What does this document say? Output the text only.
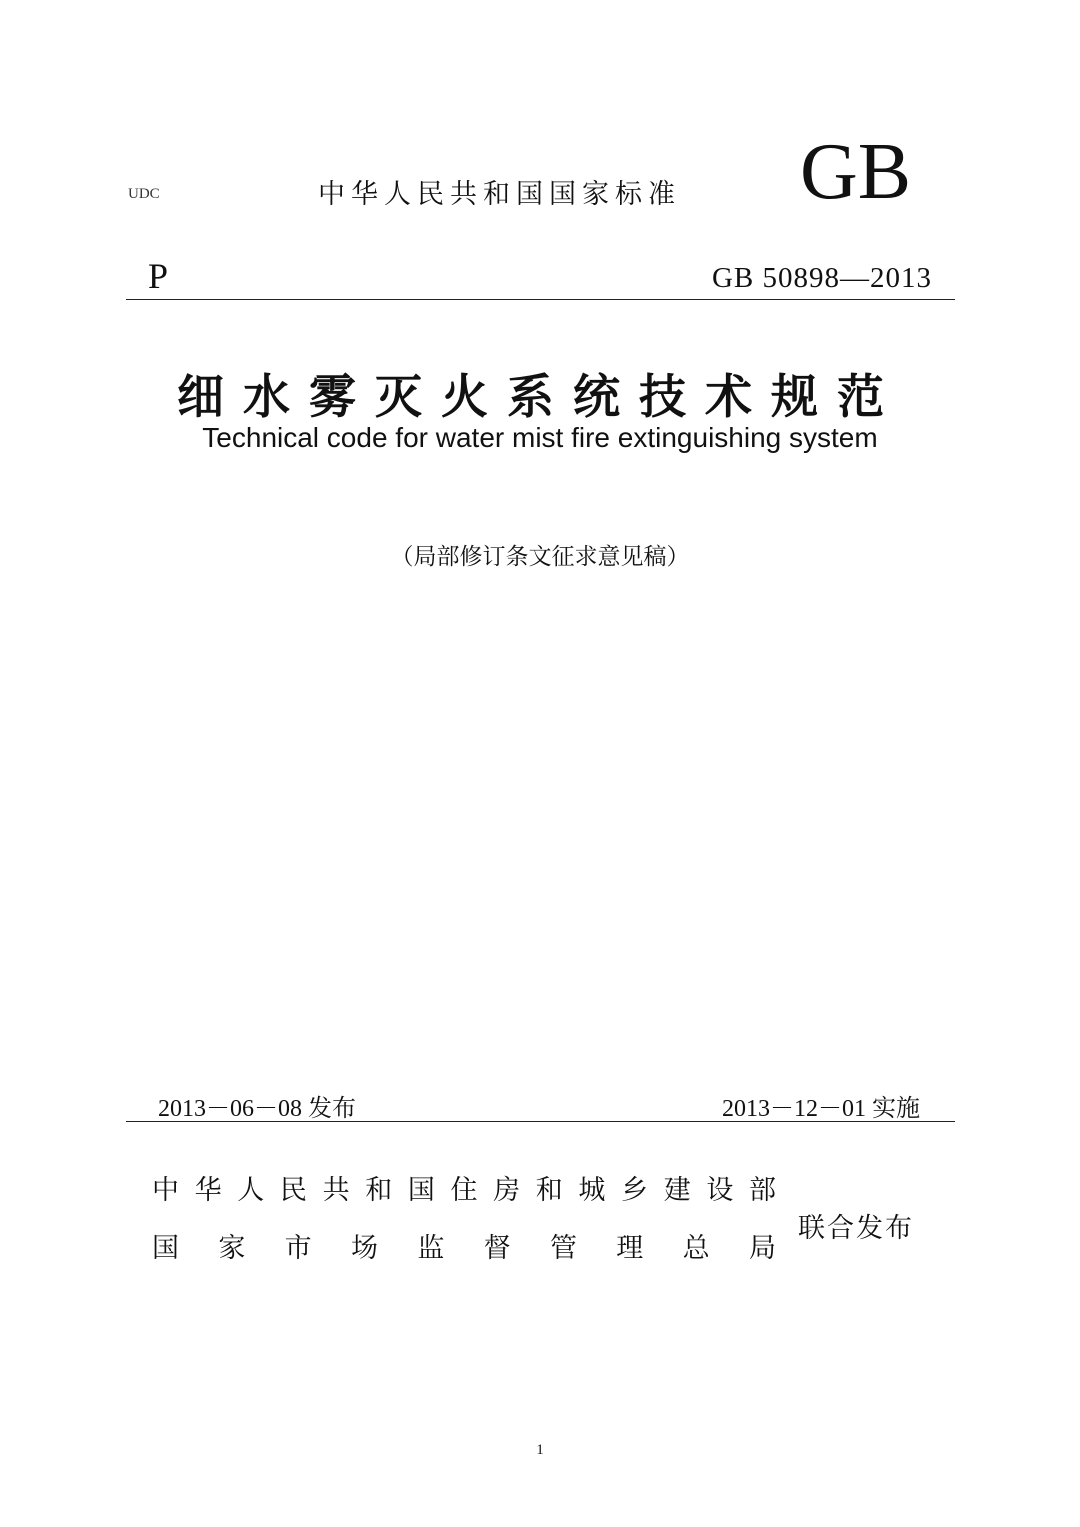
UDC	中华人民共和国国家标准 GB
P	GB 50898—2013
细水雾灭火系统技术规范
Technical code for water mist fire extinguishing system
（局部修订条文征求意见稿）
2013－06－08 发布	2013－12－01 实施
中 华 人 民 共 和 国 住 房 和 城 乡 建 设 部
国 家 市 场 监 督 管 理 总 局
联合发布
1
